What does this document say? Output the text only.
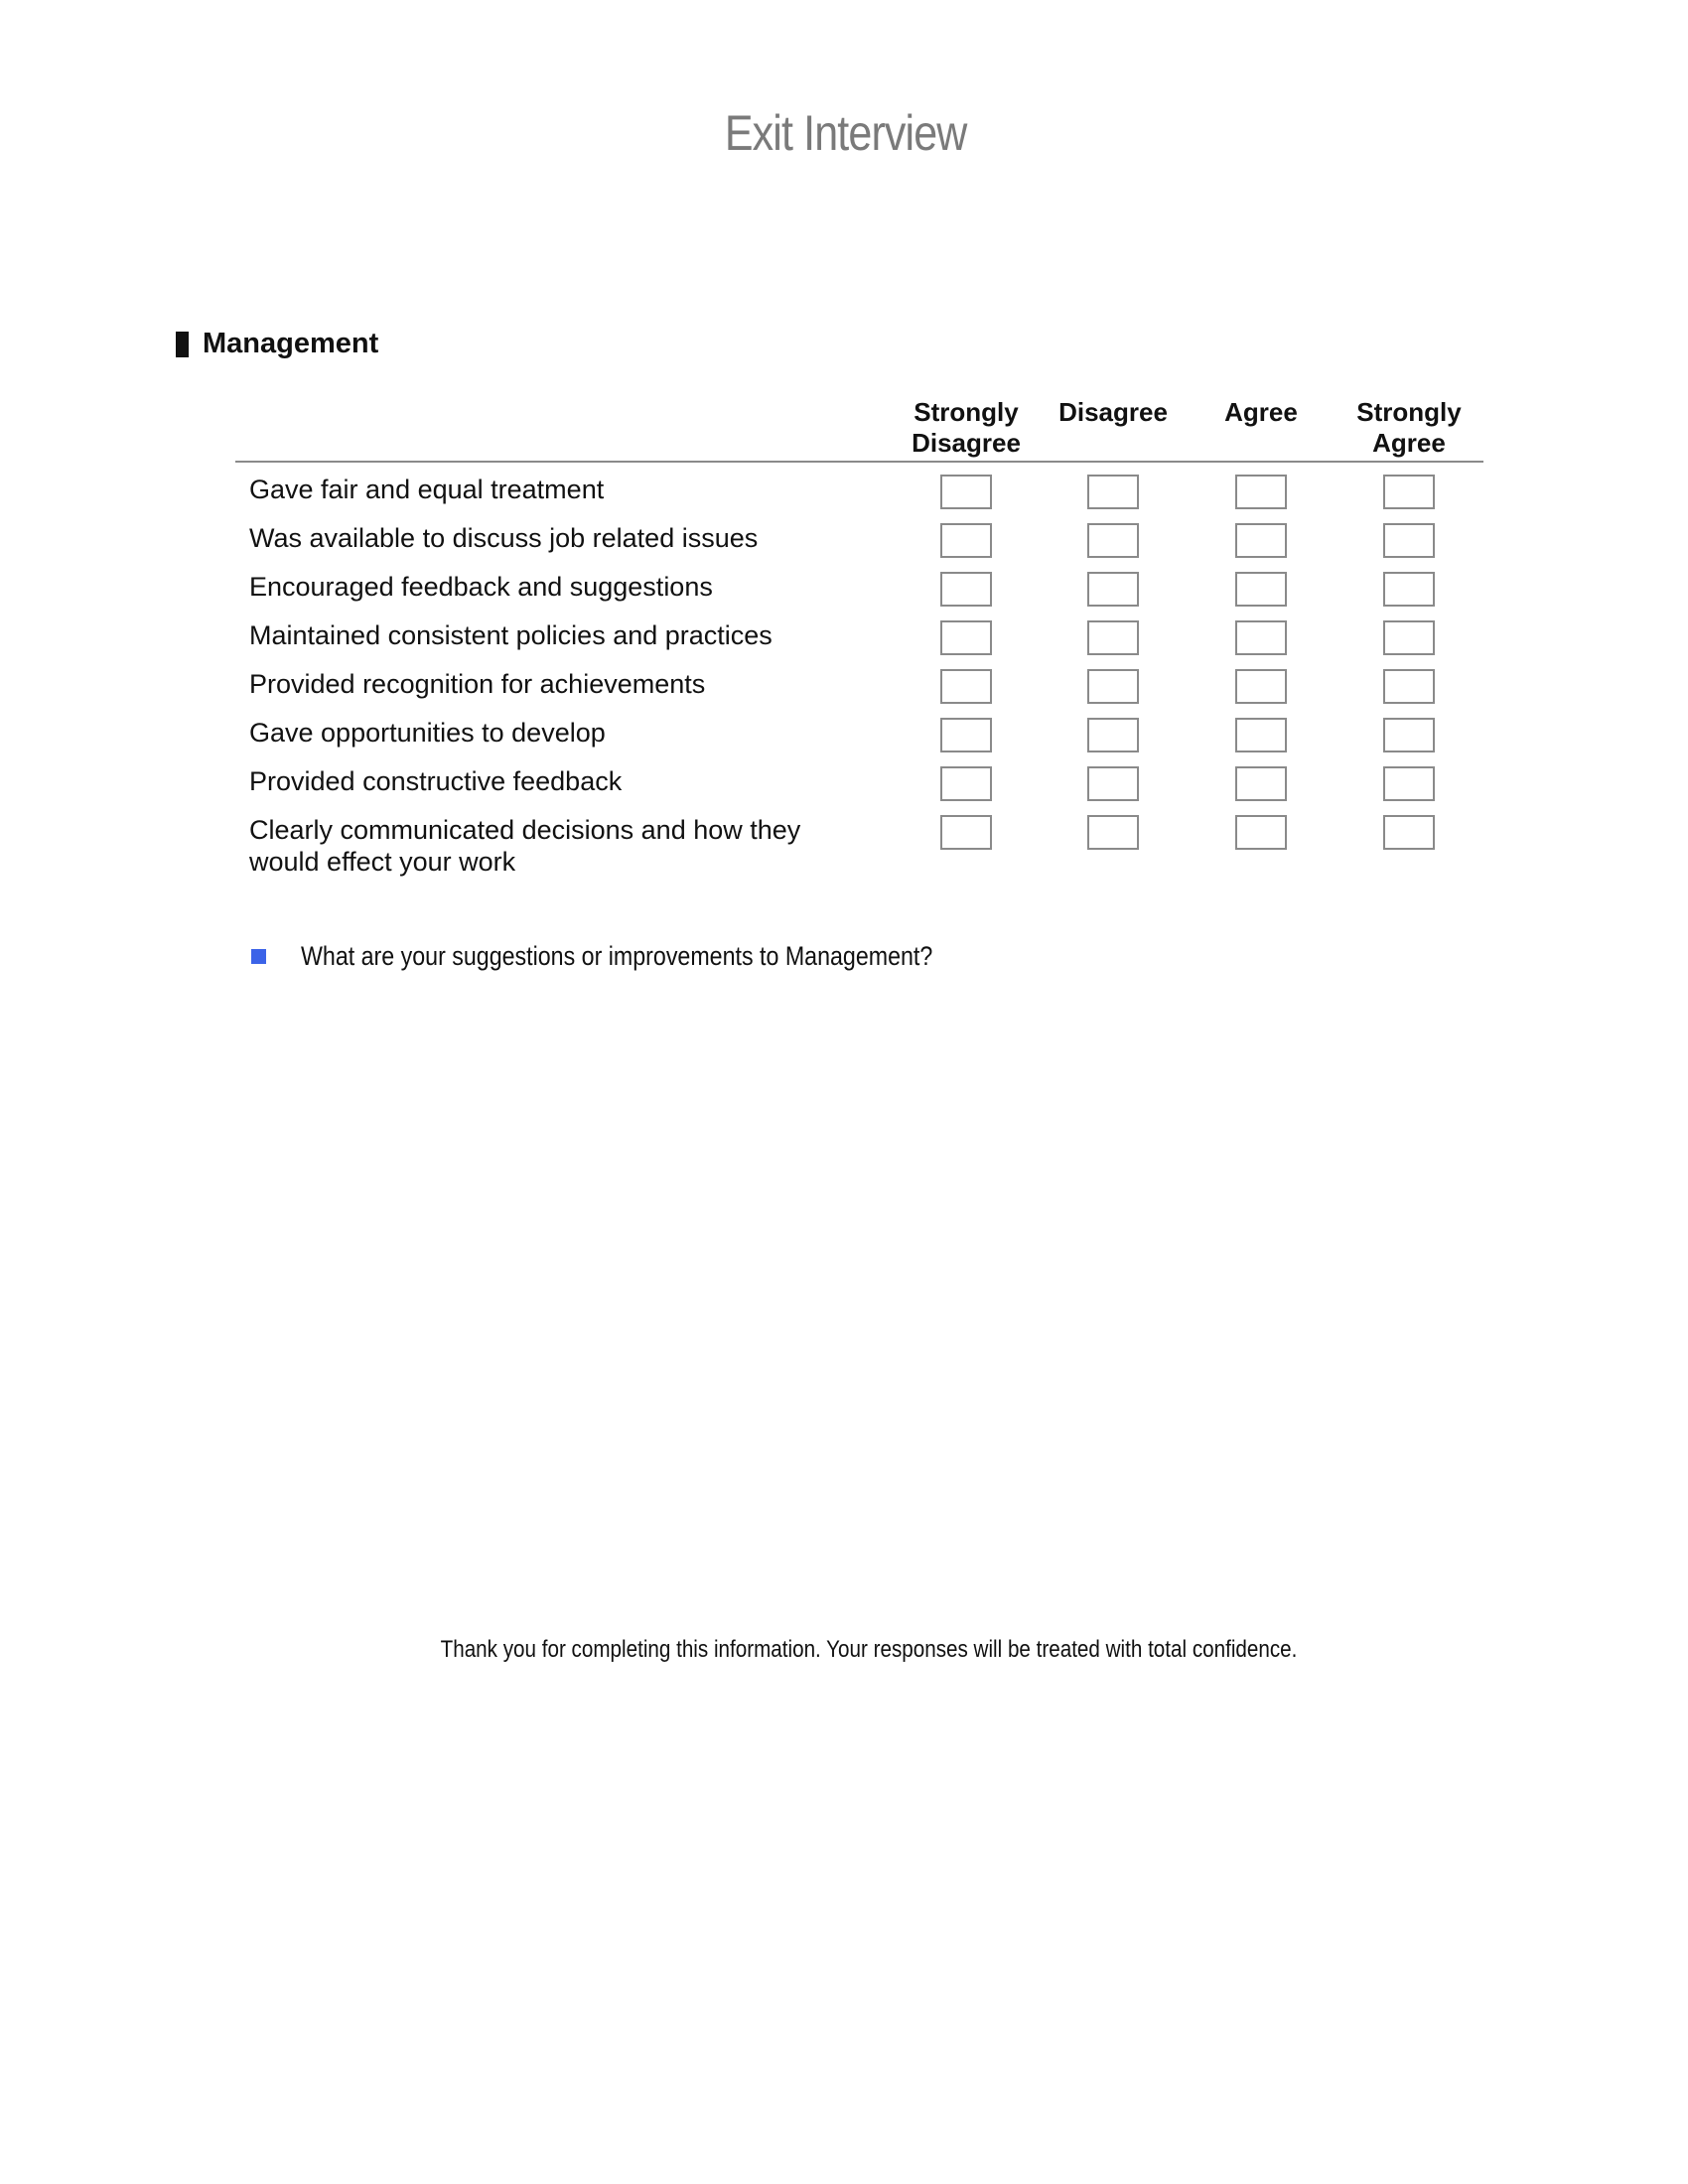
Exit Interview
Management
Strongly
Disagree
Disagree	Agree	Strongly
Agree
Gave fair and equal treatment
Was available to discuss job related issues
Encouraged feedback and suggestions
Maintained consistent policies and practices
Provided recognition for achievements
Gave opportunities to develop
Provided constructive feedback
Clearly communicated decisions and how they would effect your work
What are your suggestions or improvements to Management?
Thank you for completing this information. Your responses will be treated with total confidence.
